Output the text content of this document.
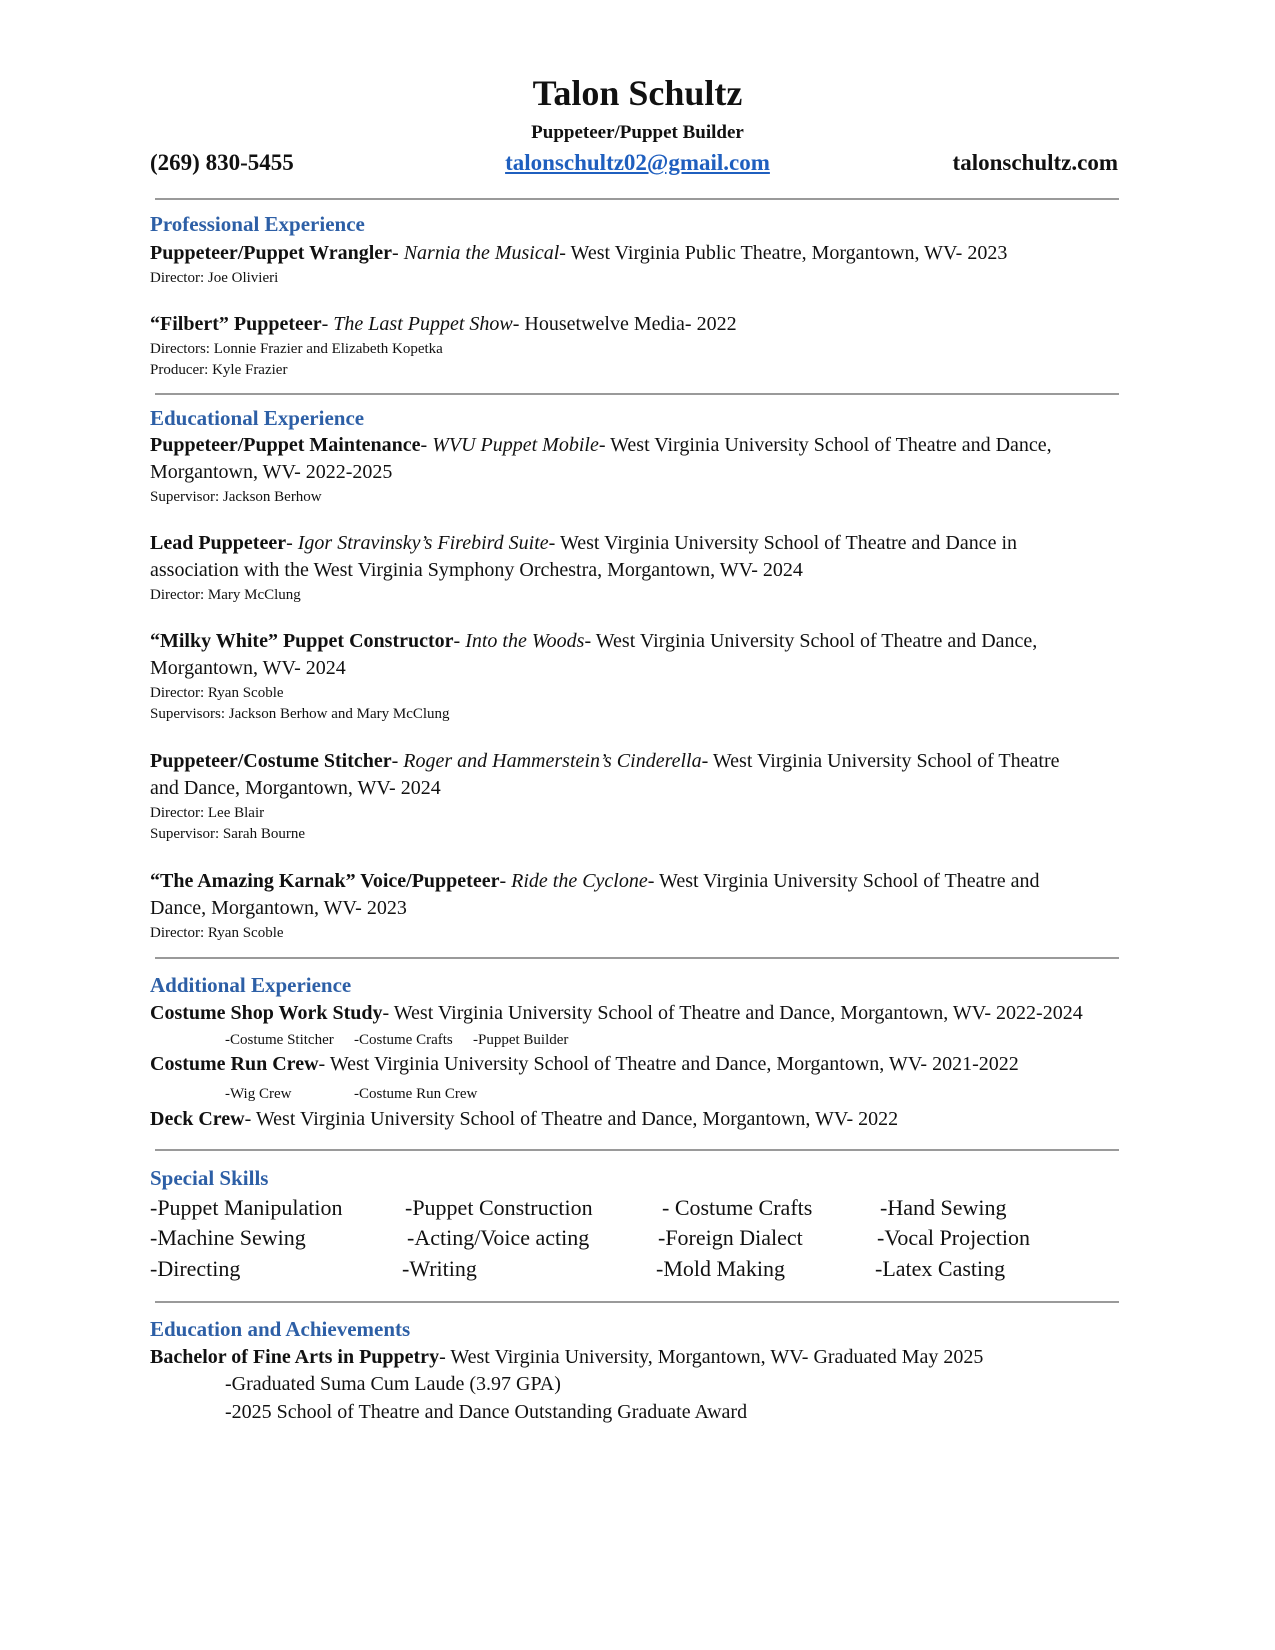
Talon Schultz
Puppeteer/Puppet Builder
(269) 830-5455	talonschultz02@gmail.com	talonschultz.com
Professional Experience
Puppeteer/Puppet Wrangler- Narnia the Musical- West Virginia Public Theatre, Morgantown, WV- 2023
Director: Joe Olivieri
“Filbert” Puppeteer- The Last Puppet Show- Housetwelve Media- 2022
Directors: Lonnie Frazier and Elizabeth Kopetka
Producer: Kyle Frazier
Educational Experience
Puppeteer/Puppet Maintenance- WVU Puppet Mobile- West Virginia University School of Theatre and Dance,
Morgantown, WV- 2022-2025
Supervisor: Jackson Berhow
Lead Puppeteer- Igor Stravinsky’s Firebird Suite- West Virginia University School of Theatre and Dance in
association with the West Virginia Symphony Orchestra, Morgantown, WV- 2024
Director: Mary McClung
“Milky White” Puppet Constructor- Into the Woods- West Virginia University School of Theatre and Dance,
Morgantown, WV- 2024
Director: Ryan Scoble
Supervisors: Jackson Berhow and Mary McClung
Puppeteer/Costume Stitcher- Roger and Hammerstein’s Cinderella- West Virginia University School of Theatre
and Dance, Morgantown, WV- 2024
Director: Lee Blair
Supervisor: Sarah Bourne
“The Amazing Karnak” Voice/Puppeteer- Ride the Cyclone- West Virginia University School of Theatre and
Dance, Morgantown, WV- 2023
Director: Ryan Scoble
Additional Experience
Costume Shop Work Study- West Virginia University School of Theatre and Dance, Morgantown, WV- 2022-2024
-Costume Stitcher -Costume Crafts -Puppet Builder
Costume Run Crew- West Virginia University School of Theatre and Dance, Morgantown, WV- 2021-2022
-Wig Crew	-Costume Run Crew
Deck Crew- West Virginia University School of Theatre and Dance, Morgantown, WV- 2022
Special Skills
-Puppet Manipulation	-Puppet Construction	- Costume Crafts	-Hand Sewing
-Machine Sewing	-Acting/Voice acting	-Foreign Dialect	-Vocal Projection
-Directing	-Writing	-Mold Making	-Latex Casting
Education and Achievements
Bachelor of Fine Arts in Puppetry- West Virginia University, Morgantown, WV- Graduated May 2025
-Graduated Suma Cum Laude (3.97 GPA)
-2025 School of Theatre and Dance Outstanding Graduate Award
